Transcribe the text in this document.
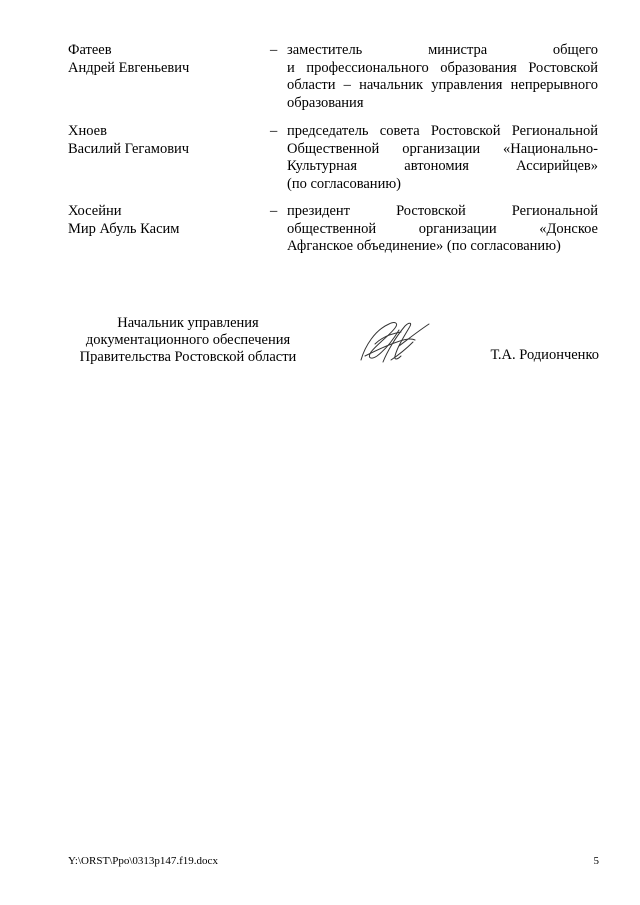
Фатеев
Андрей Евгеньевич
– заместитель министра общего
и профессионального образования Ростовской
области – начальник управления непрерывного
образования
Хноев
Василий Гегамович
– председатель совета Ростовской Региональной
Общественной организации «Национально-
Культурная автономия Ассирийцев»
(по согласованию)
Хосейни
Мир Абуль Касим
– президент Ростовской Региональной
общественной организации «Донское
Афганское объединение» (по согласованию)
Начальник управления
документационного обеспечения
Правительства Ростовской области	Т.А. Родионченко
Y:\ORST\Ppo\0313p147.f19.docx	5
